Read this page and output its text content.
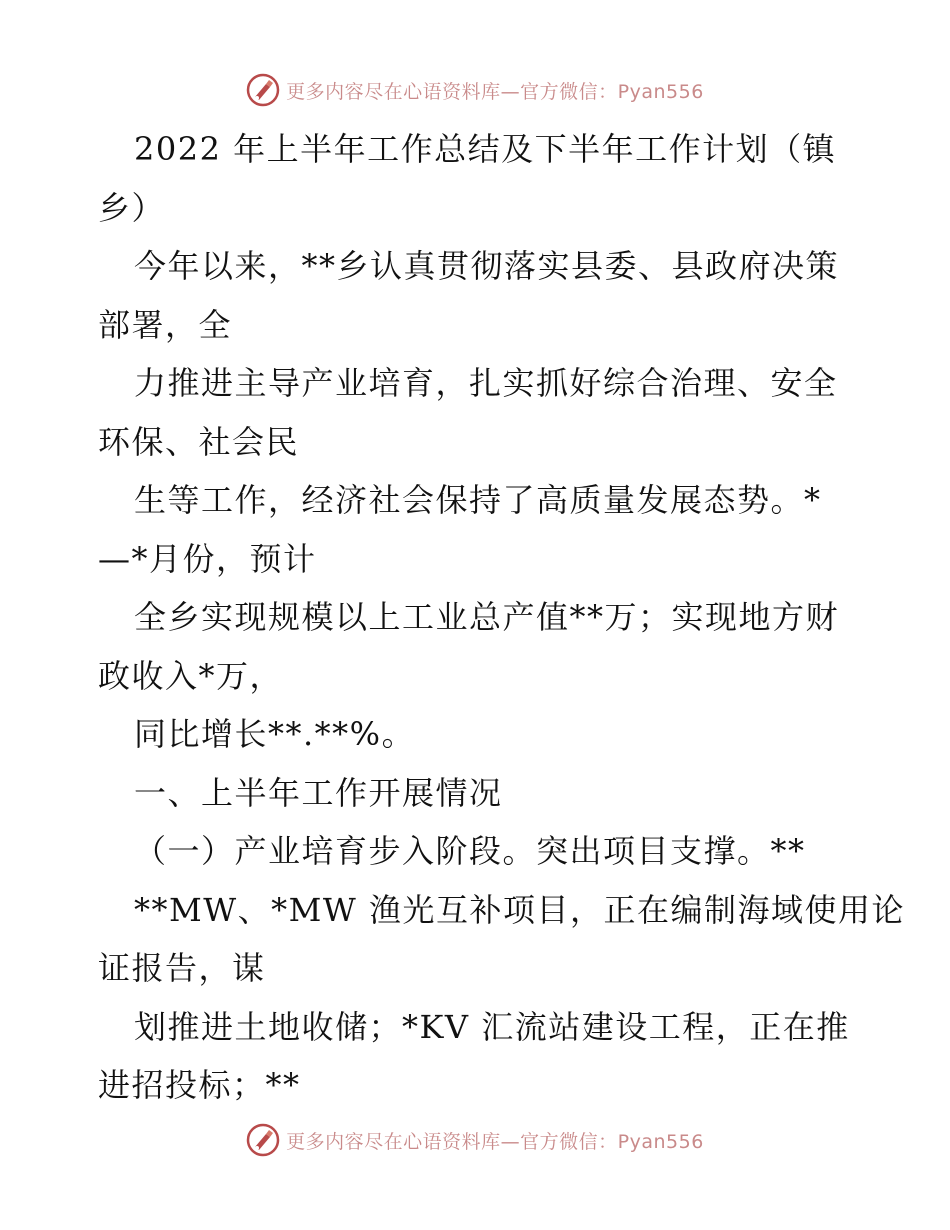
更多内容尽在心语资料库—官方微信：Pyan556
2022 年上半年工作总结及下半年工作计划（镇
乡）
今年以来，**乡认真贯彻落实县委、县政府决策
部署，全
力推进主导产业培育，扎实抓好综合治理、安全
环保、社会民
生等工作，经济社会保持了高质量发展态势。*
—*月份，预计
全乡实现规模以上工业总产值**万；实现地方财
政收入*万，
同比增长**.**%。
一、上半年工作开展情况
（一）产业培育步入阶段。突出项目支撑。**
**MW、*MW 渔光互补项目，正在编制海域使用论
证报告，谋
划推进土地收储；*KV 汇流站建设工程，正在推
进招投标；**
更多内容尽在心语资料库—官方微信：Pyan556
